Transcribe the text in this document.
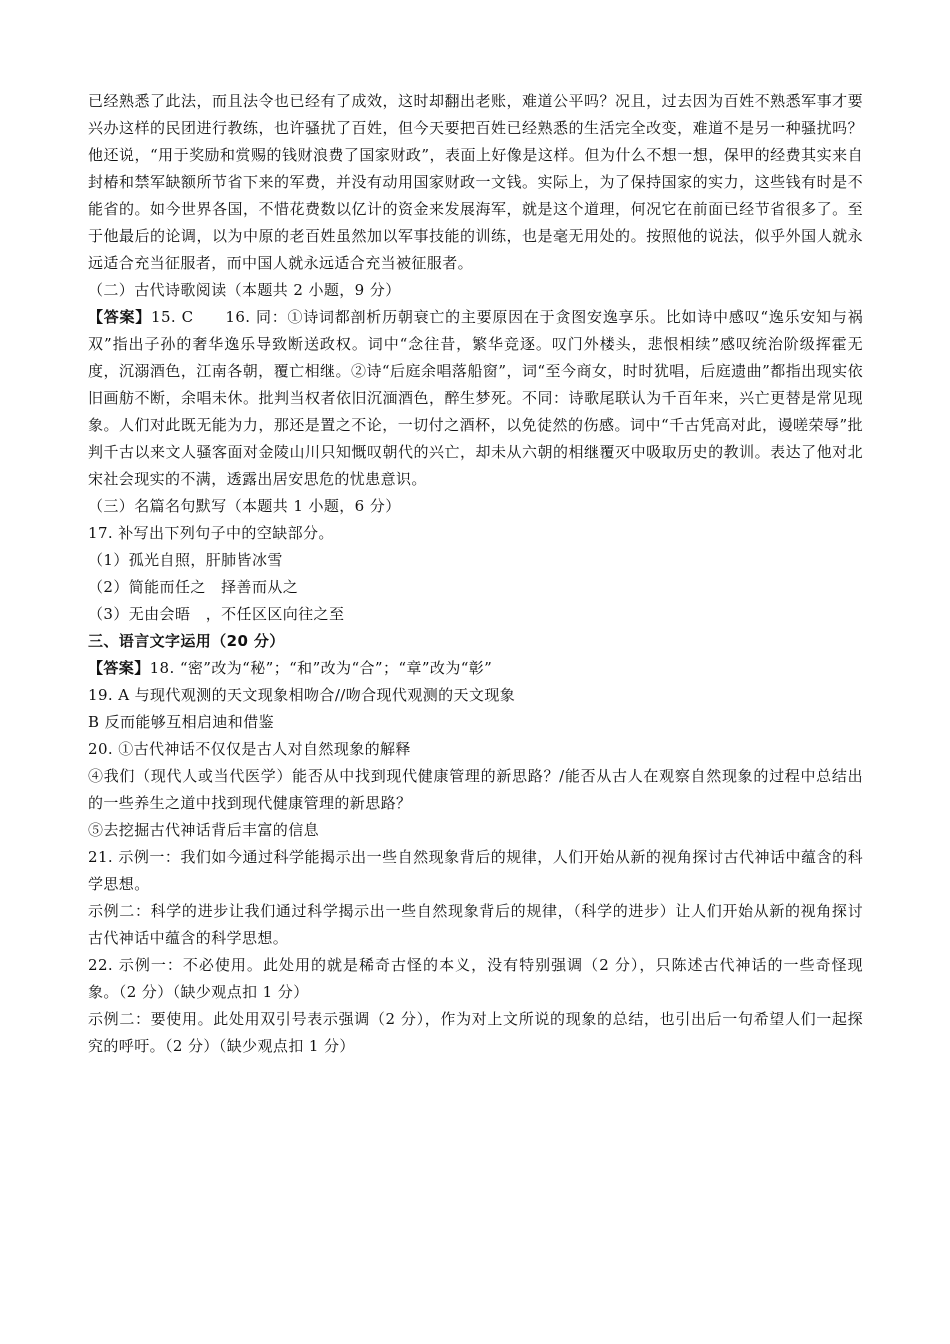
已经熟悉了此法，而且法令也已经有了成效，这时却翻出老账，难道公平吗？况且，过去因为百姓不熟悉军事才要兴办这样的民团进行教练，也许骚扰了百姓，但今天要把百姓已经熟悉的生活完全改变，难道不是另一种骚扰吗？他还说，“用于奖励和赏赐的钱财浪费了国家财政”，表面上好像是这样。但为什么不想一想，保甲的经费其实来自封椿和禁军缺额所节省下来的军费，并没有动用国家财政一文钱。实际上，为了保持国家的实力，这些钱有时是不能省的。如今世界各国，不惜花费数以亿计的资金来发展海军，就是这个道理，何况它在前面已经节省很多了。至于他最后的论调，以为中原的老百姓虽然加以军事技能的训练，也是毫无用处的。按照他的说法，似乎外国人就永远适合充当征服者，而中国人就永远适合充当被征服者。

（二）古代诗歌阅读（本题共 2 小题，9 分）

【答案】15. C　　16. 同：①诗词都剖析历朝衰亡的主要原因在于贪图安逸享乐。比如诗中感叹“逸乐安知与祸双”指出子孙的奢华逸乐导致断送政权。词中“念往昔，繁华竞逐。叹门外楼头，悲恨相续”感叹统治阶级挥霍无度，沉溺酒色，江南各朝，覆亡相继。②诗“后庭余唱落船窗”，词“至今商女，时时犹唱，后庭遗曲”都指出现实依旧画舫不断，余唱未休。批判当权者依旧沉湎酒色，醉生梦死。不同：诗歌尾联认为千百年来，兴亡更替是常见现象。人们对此既无能为力，那还是置之不论，一切付之酒杯，以免徒然的伤感。词中“千古凭高对此，谩嗟荣辱”批判千古以来文人骚客面对金陵山川只知慨叹朝代的兴亡，却未从六朝的相继覆灭中吸取历史的教训。表达了他对北宋社会现实的不满，透露出居安思危的忧患意识。

（三）名篇名句默写（本题共 1 小题，6 分）

17. 补写出下列句子中的空缺部分。

（1）孤光自照，肝肺皆冰雪

（2）简能而任之　择善而从之

（3）无由会晤　，不任区区向往之至

三、语言文字运用（20 分）

【答案】18. “密”改为“秘”；“和”改为“合”；“章”改为“彰”

19. A 与现代观测的天文现象相吻合//吻合现代观测的天文现象

B 反而能够互相启迪和借鉴

20. ①古代神话不仅仅是古人对自然现象的解释

④我们（现代人或当代医学）能否从中找到现代健康管理的新思路？/能否从古人在观察自然现象的过程中总结出的一些养生之道中找到现代健康管理的新思路？

⑤去挖掘古代神话背后丰富的信息

21. 示例一：我们如今通过科学能揭示出一些自然现象背后的规律，人们开始从新的视角探讨古代神话中蕴含的科学思想。

示例二：科学的进步让我们通过科学揭示出一些自然现象背后的规律，（科学的进步）让人们开始从新的视角探讨古代神话中蕴含的科学思想。

22. 示例一：不必使用。此处用的就是稀奇古怪的本义，没有特别强调（2 分），只陈述古代神话的一些奇怪现象。（2 分）（缺少观点扣 1 分）

示例二：要使用。此处用双引号表示强调（2 分），作为对上文所说的现象的总结，也引出后一句希望人们一起探究的呼吁。（2 分）（缺少观点扣 1 分）
